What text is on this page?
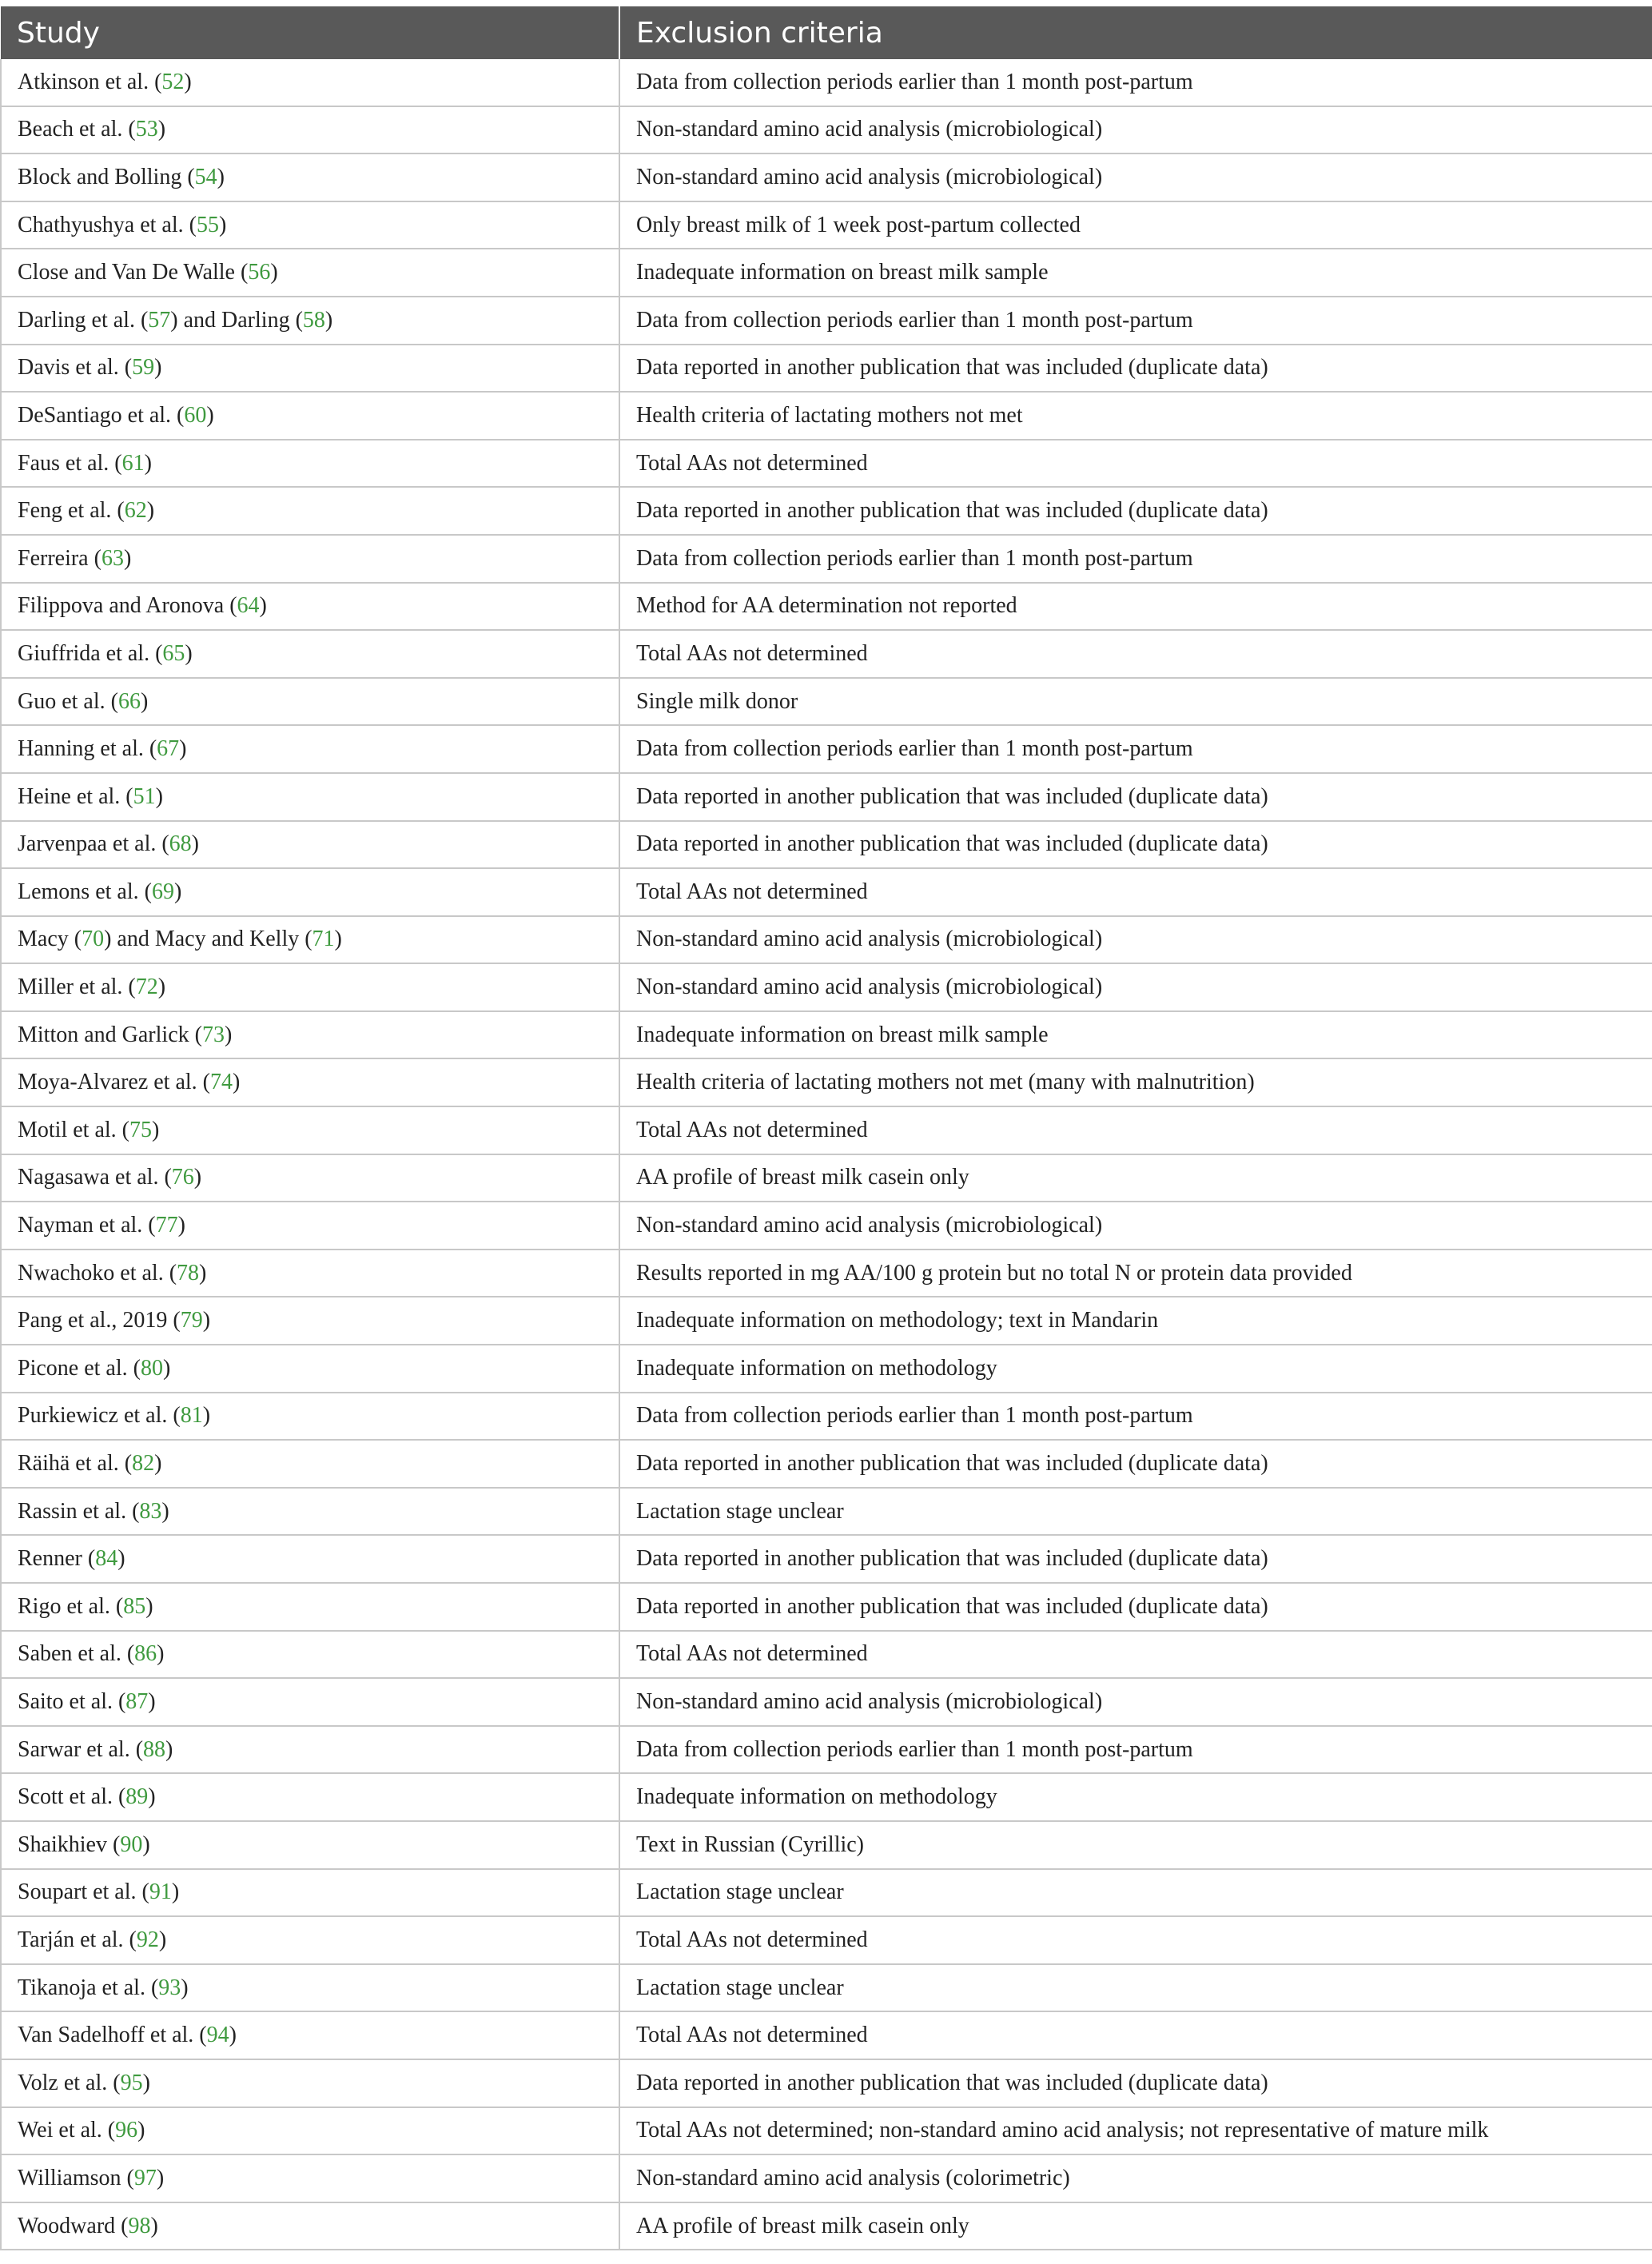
Study	Exclusion criteria
Atkinson et al. (52)	Data from collection periods earlier than 1 month post-partum
Beach et al. (53)	Non-standard amino acid analysis (microbiological)
Block and Bolling (54)	Non-standard amino acid analysis (microbiological)
Chathyushya et al. (55)	Only breast milk of 1 week post-partum collected
Close and Van De Walle (56)	Inadequate information on breast milk sample
Darling et al. (57) and Darling (58)	Data from collection periods earlier than 1 month post-partum
Davis et al. (59)	Data reported in another publication that was included (duplicate data)
DeSantiago et al. (60)	Health criteria of lactating mothers not met
Faus et al. (61)	Total AAs not determined
Feng et al. (62)	Data reported in another publication that was included (duplicate data)
Ferreira (63)	Data from collection periods earlier than 1 month post-partum
Filippova and Aronova (64)	Method for AA determination not reported
Giuffrida et al. (65)	Total AAs not determined
Guo et al. (66)	Single milk donor
Hanning et al. (67)	Data from collection periods earlier than 1 month post-partum
Heine et al. (51)	Data reported in another publication that was included (duplicate data)
Jarvenpaa et al. (68)	Data reported in another publication that was included (duplicate data)
Lemons et al. (69)	Total AAs not determined
Macy (70) and Macy and Kelly (71)	Non-standard amino acid analysis (microbiological)
Miller et al. (72)	Non-standard amino acid analysis (microbiological)
Mitton and Garlick (73)	Inadequate information on breast milk sample
Moya-Alvarez et al. (74)	Health criteria of lactating mothers not met (many with malnutrition)
Motil et al. (75)	Total AAs not determined
Nagasawa et al. (76)	AA profile of breast milk casein only
Nayman et al. (77)	Non-standard amino acid analysis (microbiological)
Nwachoko et al. (78)	Results reported in mg AA/100 g protein but no total N or protein data provided
Pang et al., 2019 (79)	Inadequate information on methodology; text in Mandarin
Picone et al. (80)	Inadequate information on methodology
Purkiewicz et al. (81)	Data from collection periods earlier than 1 month post-partum
Räihä et al. (82)	Data reported in another publication that was included (duplicate data)
Rassin et al. (83)	Lactation stage unclear
Renner (84)	Data reported in another publication that was included (duplicate data)
Rigo et al. (85)	Data reported in another publication that was included (duplicate data)
Saben et al. (86)	Total AAs not determined
Saito et al. (87)	Non-standard amino acid analysis (microbiological)
Sarwar et al. (88)	Data from collection periods earlier than 1 month post-partum
Scott et al. (89)	Inadequate information on methodology
Shaikhiev (90)	Text in Russian (Cyrillic)
Soupart et al. (91)	Lactation stage unclear
Tarján et al. (92)	Total AAs not determined
Tikanoja et al. (93)	Lactation stage unclear
Van Sadelhoff et al. (94)	Total AAs not determined
Volz et al. (95)	Data reported in another publication that was included (duplicate data)
Wei et al. (96)	Total AAs not determined; non-standard amino acid analysis; not representative of mature milk
Williamson (97)	Non-standard amino acid analysis (colorimetric)
Woodward (98)	AA profile of breast milk casein only
